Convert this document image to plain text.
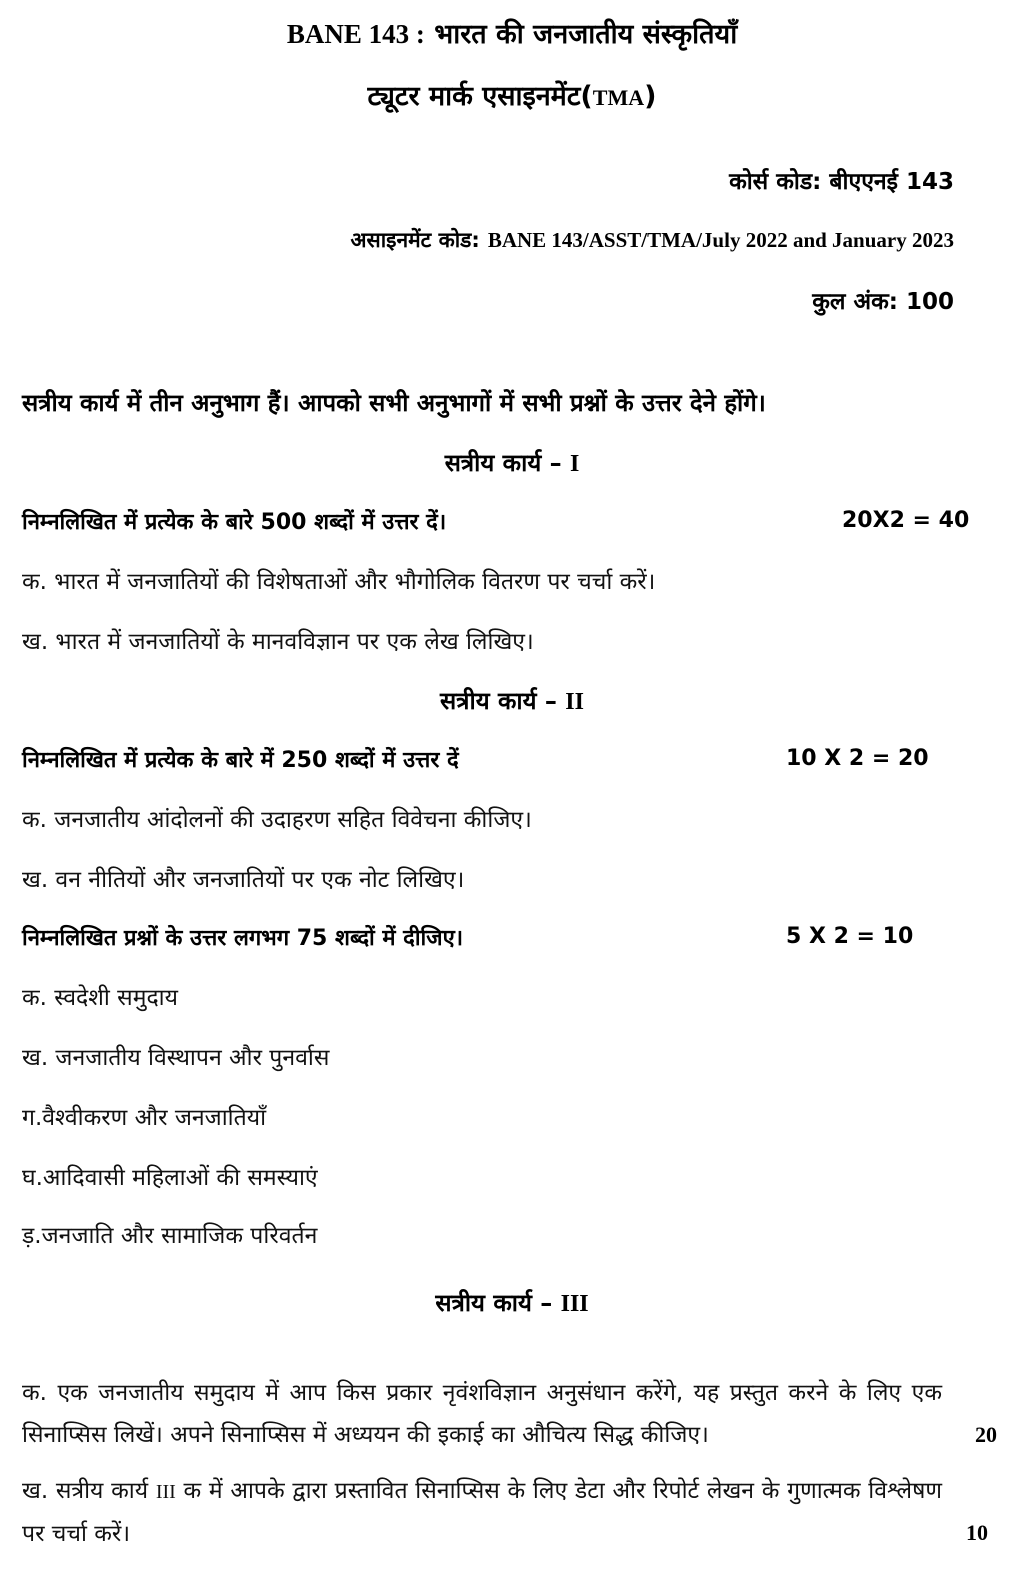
BANE 143 : भारत की जनजातीय संस्कृतियाँ
ट्यूटर मार्क एसाइनमेंट(TMA)
कोर्स कोड: बीएएनई 143
असाइनमेंट कोड: BANE 143/ASST/TMA/July 2022 and January 2023
कुल अंक: 100
सत्रीय कार्य में तीन अनुभाग हैं। आपको सभी अनुभागों में सभी प्रश्नों के उत्तर देने होंगे।
सत्रीय कार्य – I
निम्नलिखित में प्रत्येक के बारे 500 शब्दों में उत्तर दें।	20X2 = 40
क. भारत में जनजातियों की विशेषताओं और भौगोलिक वितरण पर चर्चा करें।
ख. भारत में जनजातियों के मानवविज्ञान पर एक लेख लिखिए।
सत्रीय कार्य – II
निम्नलिखित में प्रत्येक के बारे में 250 शब्दों में उत्तर दें	10 X 2 = 20
क. जनजातीय आंदोलनों की उदाहरण सहित विवेचना कीजिए।
ख. वन नीतियों और जनजातियों पर एक नोट लिखिए।
निम्नलिखित प्रश्नों के उत्तर लगभग 75 शब्दों में दीजिए।	5 X 2 = 10
क. स्वदेशी समुदाय
ख. जनजातीय विस्थापन और पुनर्वास
ग.वैश्वीकरण और जनजातियाँ
घ.आदिवासी महिलाओं की समस्याएं
ड़.जनजाति और सामाजिक परिवर्तन
सत्रीय कार्य – III
क. एक जनजातीय समुदाय में आप किस प्रकार नृवंशविज्ञान अनुसंधान करेंगे, यह प्रस्तुत करने के लिए एक सिनाप्सिस लिखें। अपने सिनाप्सिस में अध्ययन की इकाई का औचित्य सिद्ध कीजिए।	20
ख. सत्रीय कार्य III क में आपके द्वारा प्रस्तावित सिनाप्सिस के लिए डेटा और रिपोर्ट लेखन के गुणात्मक विश्लेषण पर चर्चा करें।	10
